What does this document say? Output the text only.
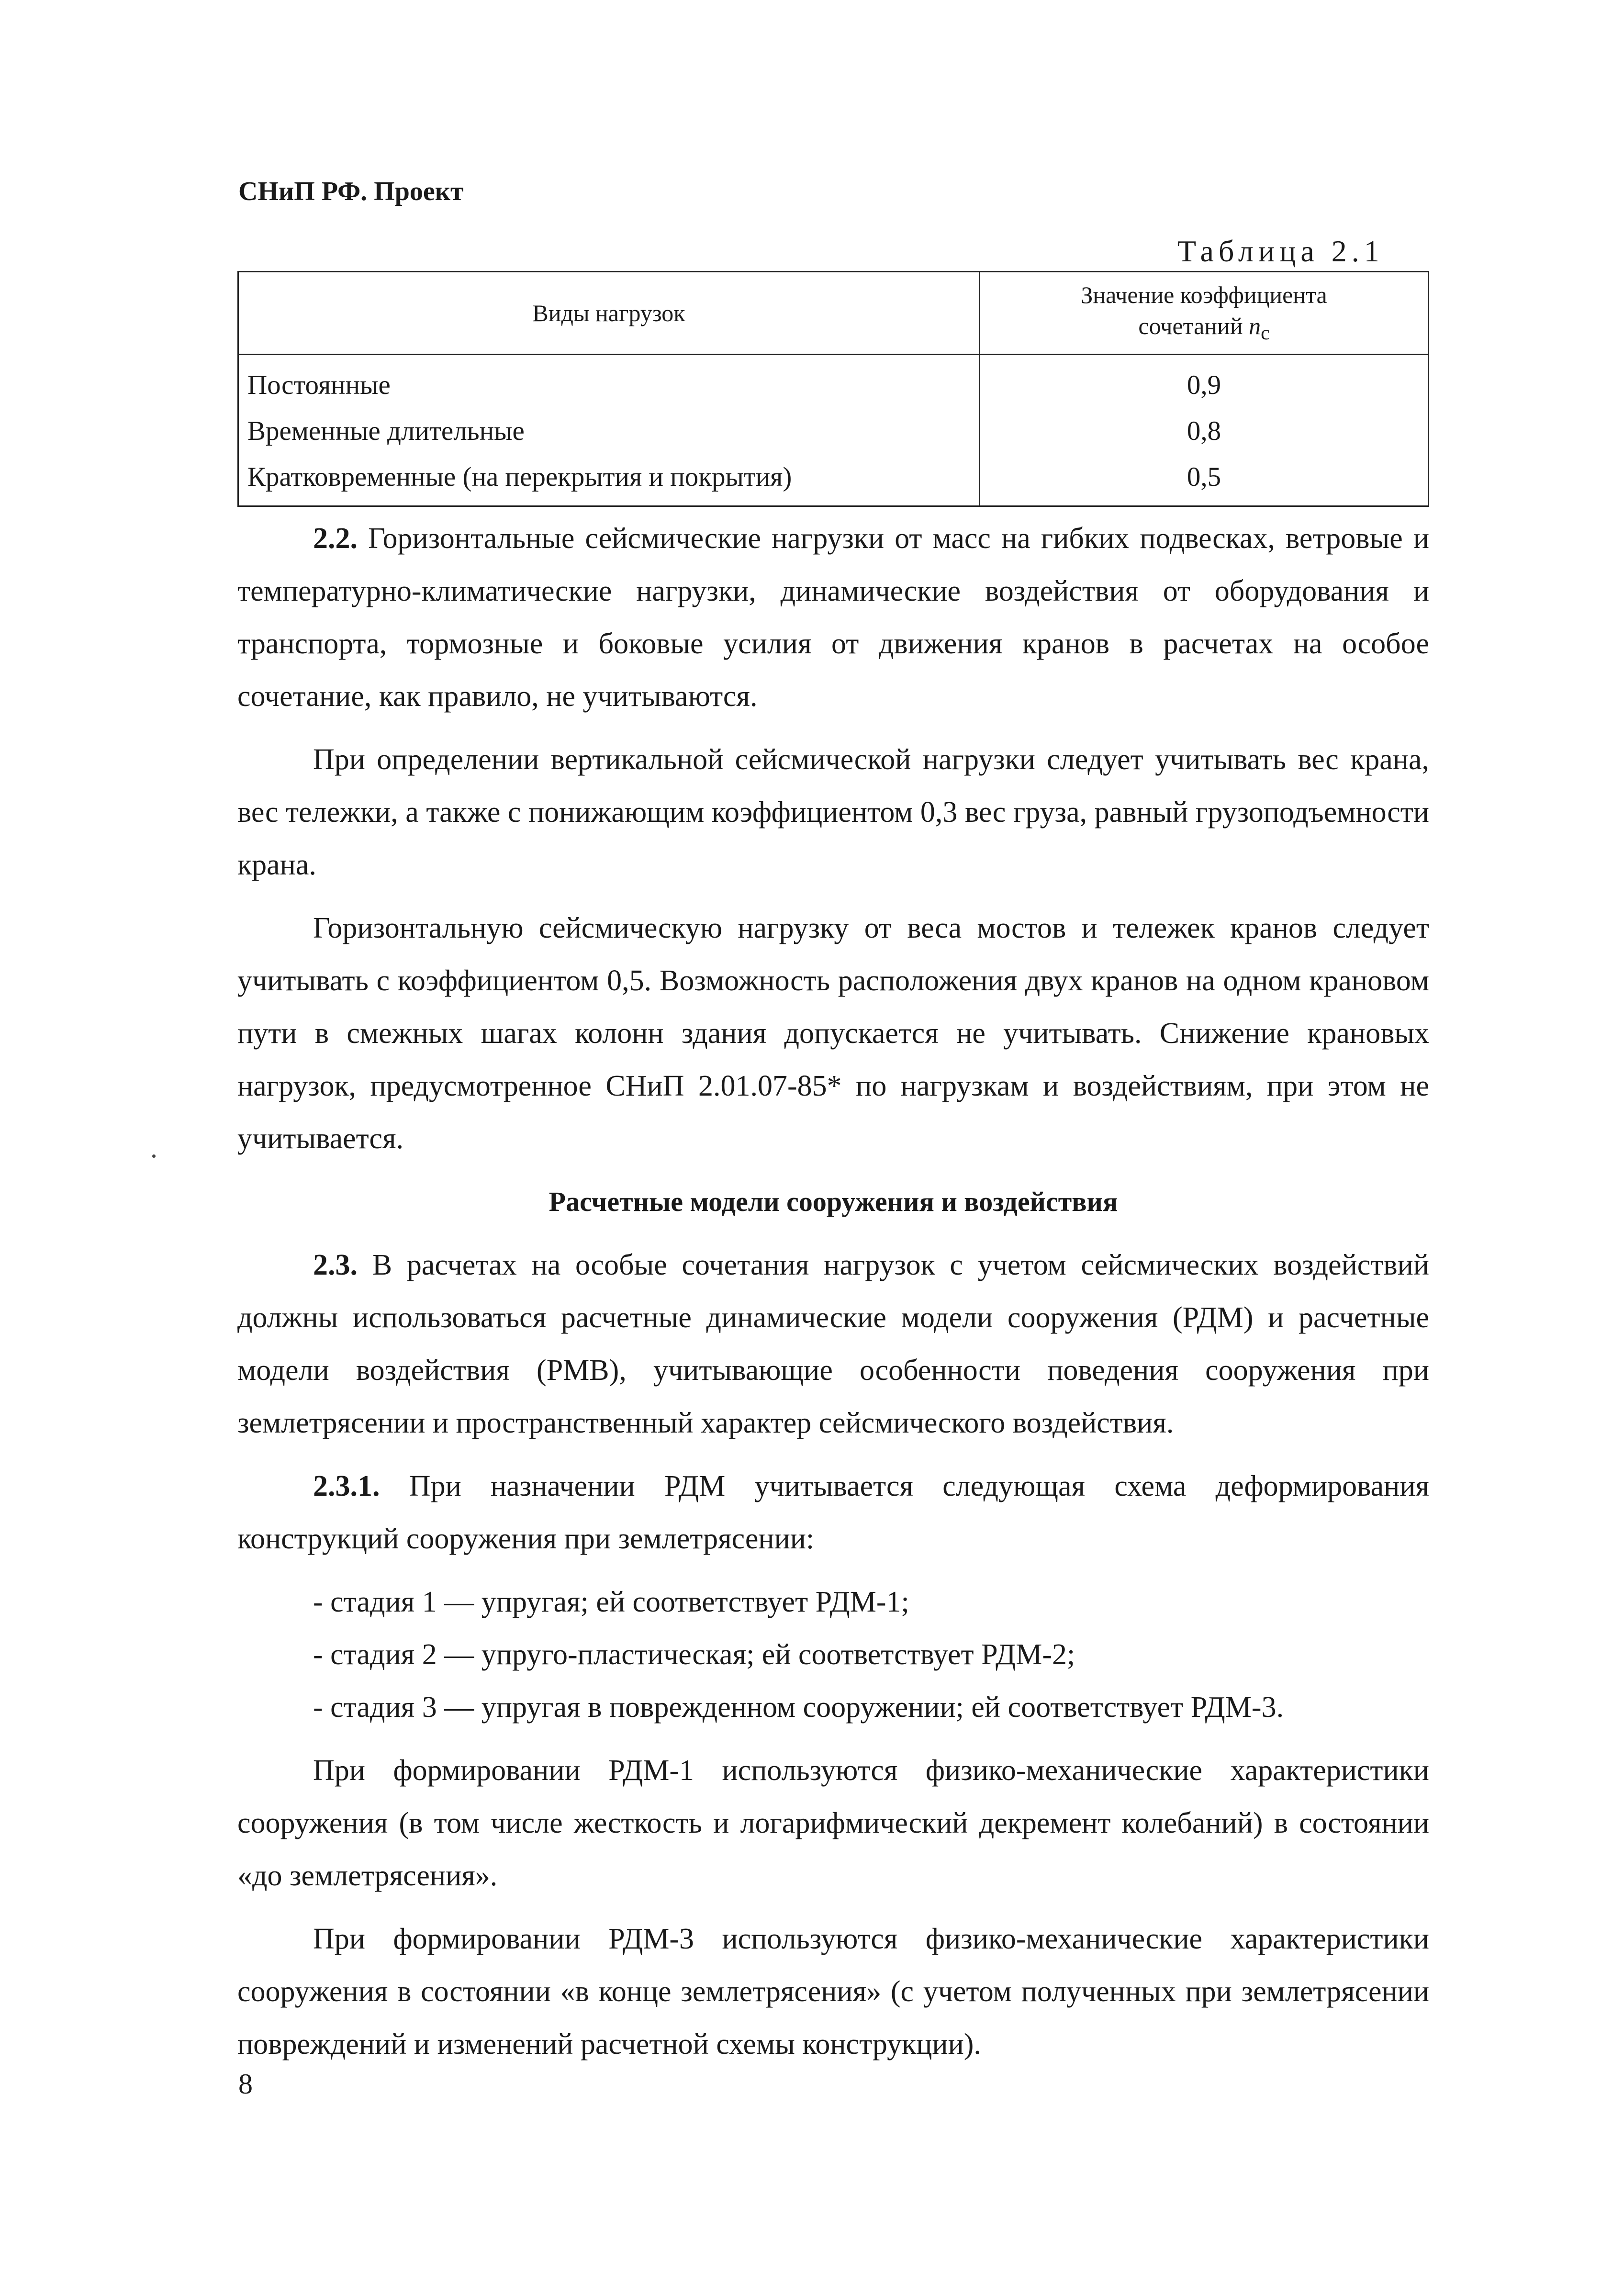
СНиП РФ. Проект
Таблица 2.1
Виды нагрузок	Значение коэффициента
сочетаний $n_c$
Постоянные	0,9
Временные длительные	0,8
Кратковременные (на перекрытия и покрытия)	0,5

2.2. Горизонтальные сейсмические нагрузки от масс на гибких подвесках, ветровые и температурно-климатические нагрузки, динамические воздействия от оборудования и транспорта, тормозные и боковые усилия от движения кранов в расчетах на особое сочетание, как правило, не учитываются.

При определении вертикальной сейсмической нагрузки следует учитывать вес крана, вес тележки, а также с понижающим коэффициентом 0,3 вес груза, равный грузоподъемности крана.

Горизонтальную сейсмическую нагрузку от веса мостов и тележек кранов следует учитывать с коэффициентом 0,5. Возможность расположения двух кранов на одном крановом пути в смежных шагах колонн здания допускается не учитывать. Снижение крановых нагрузок, предусмотренное СНиП 2.01.07-85* по нагрузкам и воздействиям, при этом не учитывается.

Расчетные модели сооружения и воздействия

2.3. В расчетах на особые сочетания нагрузок с учетом сейсмических воздействий должны использоваться расчетные динамические модели сооружения (РДМ) и расчетные модели воздействия (РМВ), учитывающие особенности поведения сооружения при землетрясении и пространственный характер сейсмического воздействия.

2.3.1. При назначении РДМ учитывается следующая схема деформирования конструкций сооружения при землетрясении:

- стадия 1 — упругая; ей соответствует РДМ-1;

- стадия 2 — упруго-пластическая; ей соответствует РДМ-2;

- стадия 3 — упругая в поврежденном сооружении; ей соответствует РДМ-3.

При формировании РДМ-1 используются физико-механические характеристики сооружения (в том числе жесткость и логарифмический декремент колебаний) в состоянии «до землетрясения».

При формировании РДМ-3 используются физико-механические характеристики сооружения в состоянии «в конце землетрясения» (с учетом полученных при землетрясении повреждений и изменений расчетной схемы конструкции).

8
